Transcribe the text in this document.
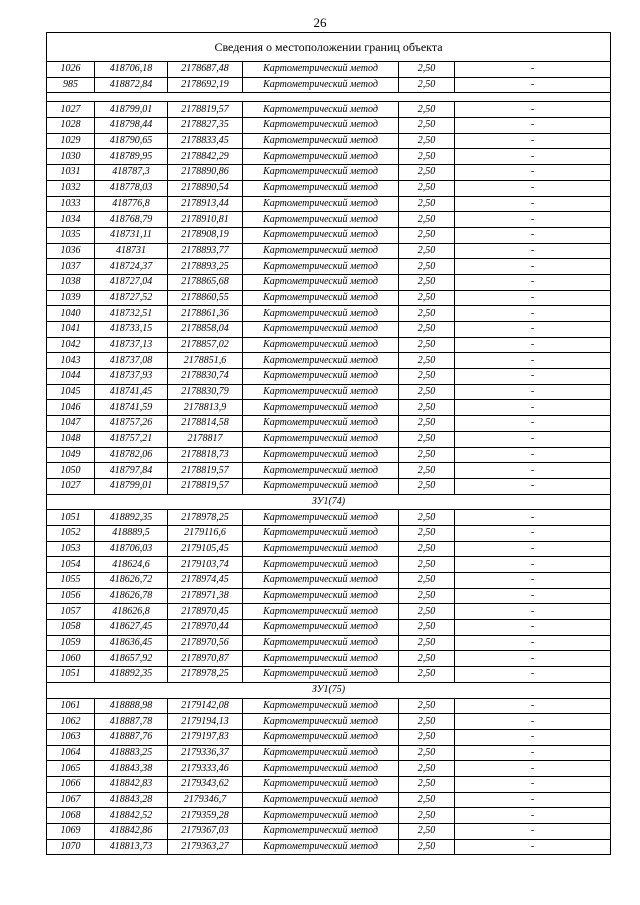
26
Сведения о местоположении границ объекта					
1026	418706,18	2178687,48	Картометрический метод	2,50	-
985	418872,84	2178692,19	Картометрический метод	2,50	-

1027	418799,01	2178819,57	Картометрический метод	2,50	-
1028	418798,44	2178827,35	Картометрический метод	2,50	-
1029	418790,65	2178833,45	Картометрический метод	2,50	-
1030	418789,95	2178842,29	Картометрический метод	2,50	-
1031	418787,3	2178890,86	Картометрический метод	2,50	-
1032	418778,03	2178890,54	Картометрический метод	2,50	-
1033	418776,8	2178913,44	Картометрический метод	2,50	-
1034	418768,79	2178910,81	Картометрический метод	2,50	-
1035	418731,11	2178908,19	Картометрический метод	2,50	-
1036	418731	2178893,77	Картометрический метод	2,50	-
1037	418724,37	2178893,25	Картометрический метод	2,50	-
1038	418727,04	2178865,68	Картометрический метод	2,50	-
1039	418727,52	2178860,55	Картометрический метод	2,50	-
1040	418732,51	2178861,36	Картометрический метод	2,50	-
1041	418733,15	2178858,04	Картометрический метод	2,50	-
1042	418737,13	2178857,02	Картометрический метод	2,50	-
1043	418737,08	2178851,6	Картометрический метод	2,50	-
1044	418737,93	2178830,74	Картометрический метод	2,50	-
1045	418741,45	2178830,79	Картометрический метод	2,50	-
1046	418741,59	2178813,9	Картометрический метод	2,50	-
1047	418757,26	2178814,58	Картометрический метод	2,50	-
1048	418757,21	2178817	Картометрический метод	2,50	-
1049	418782,06	2178818,73	Картометрический метод	2,50	-
1050	418797,84	2178819,57	Картометрический метод	2,50	-
1027	418799,01	2178819,57	Картометрический метод	2,50	-
ЗУ1(74)					
1051	418892,35	2178978,25	Картометрический метод	2,50	-
1052	418889,5	2179116,6	Картометрический метод	2,50	-
1053	418706,03	2179105,45	Картометрический метод	2,50	-
1054	418624,6	2179103,74	Картометрический метод	2,50	-
1055	418626,72	2178974,45	Картометрический метод	2,50	-
1056	418626,78	2178971,38	Картометрический метод	2,50	-
1057	418626,8	2178970,45	Картометрический метод	2,50	-
1058	418627,45	2178970,44	Картометрический метод	2,50	-
1059	418636,45	2178970,56	Картометрический метод	2,50	-
1060	418657,92	2178970,87	Картометрический метод	2,50	-
1051	418892,35	2178978,25	Картометрический метод	2,50	-
ЗУ1(75)					
1061	418888,98	2179142,08	Картометрический метод	2,50	-
1062	418887,78	2179194,13	Картометрический метод	2,50	-
1063	418887,76	2179197,83	Картометрический метод	2,50	-
1064	418883,25	2179336,37	Картометрический метод	2,50	-
1065	418843,38	2179333,46	Картометрический метод	2,50	-
1066	418842,83	2179343,62	Картометрический метод	2,50	-
1067	418843,28	2179346,7	Картометрический метод	2,50	-
1068	418842,52	2179359,28	Картометрический метод	2,50	-
1069	418842,86	2179367,03	Картометрический метод	2,50	-
1070	418813,73	2179363,27	Картометрический метод	2,50	-
